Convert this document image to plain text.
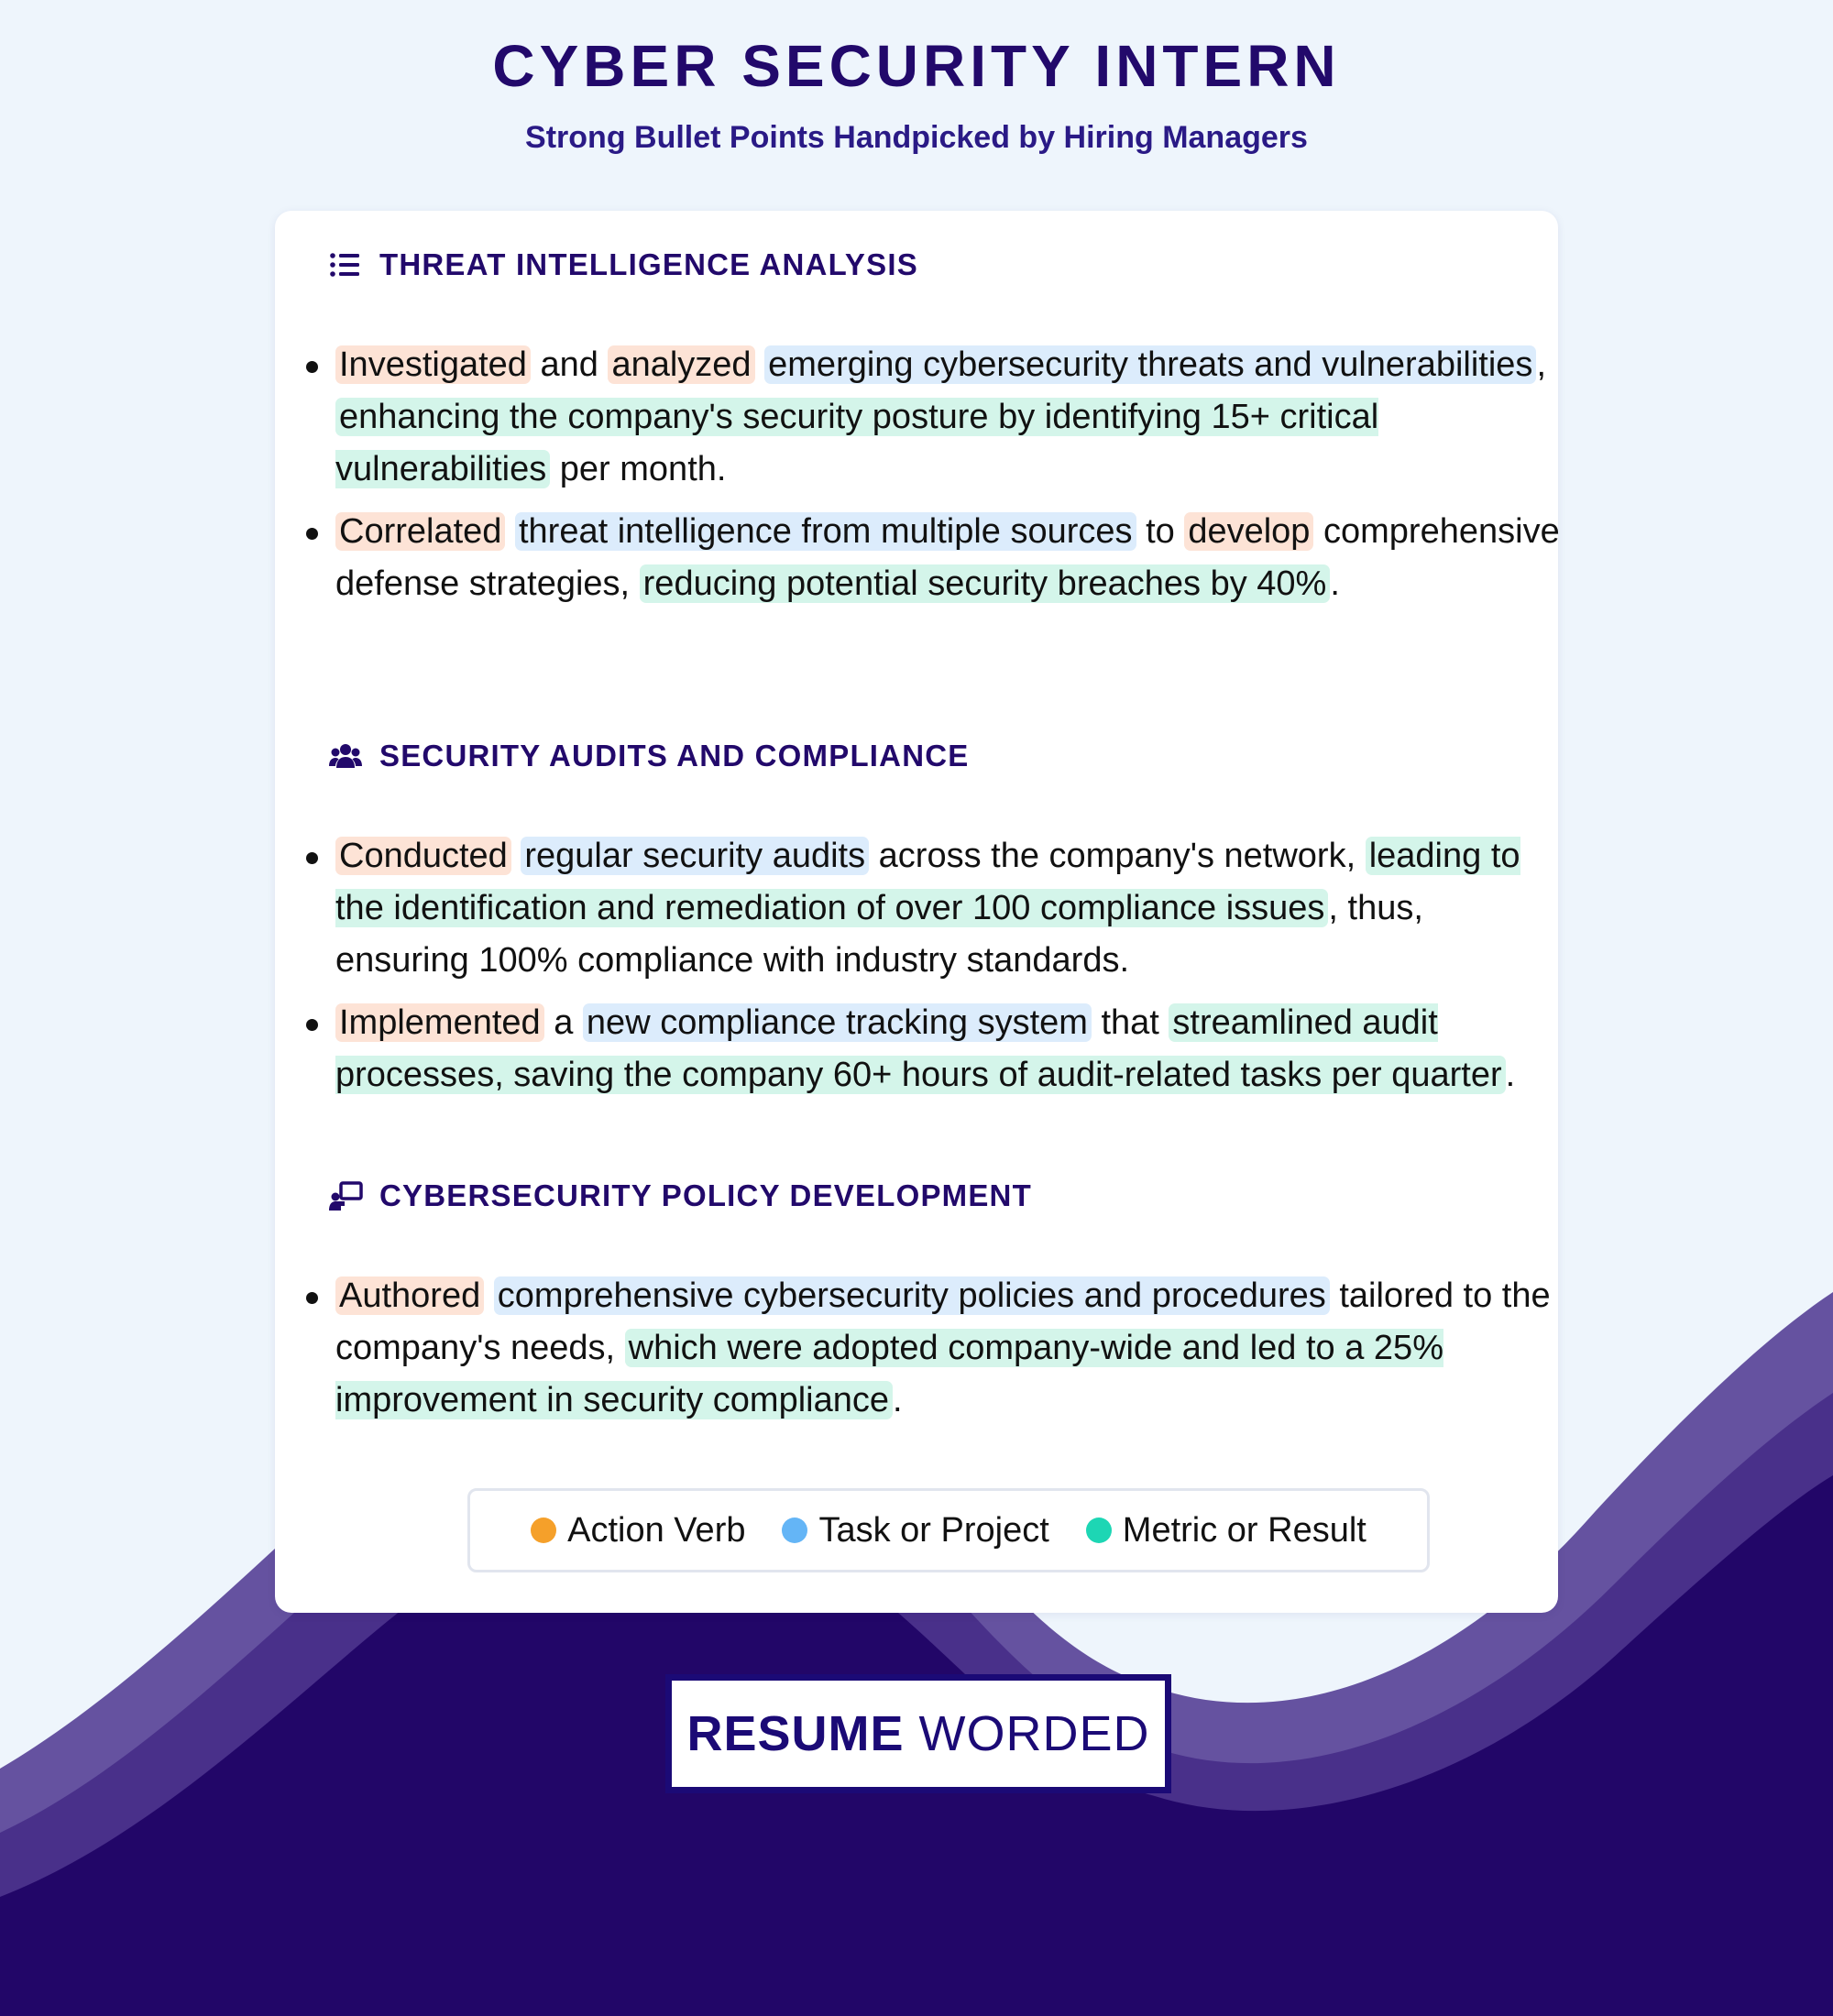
CYBER SECURITY INTERN
Strong Bullet Points Handpicked by Hiring Managers
THREAT INTELLIGENCE ANALYSIS
Investigated and analyzed emerging cybersecurity threats and vulnerabilities , enhancing the company's security posture by identifying 15+ critical vulnerabilities per month.
Correlated threat intelligence from multiple sources to develop comprehensive defense strategies, reducing potential security breaches by 40% .
SECURITY AUDITS AND COMPLIANCE
Conducted regular security audits across the company's network, leading to the identification and remediation of over 100 compliance issues , thus, ensuring 100% compliance with industry standards.
Implemented a new compliance tracking system that streamlined audit processes, saving the company 60+ hours of audit-related tasks per quarter .
CYBERSECURITY POLICY DEVELOPMENT
Authored comprehensive cybersecurity policies and procedures tailored to the company's needs, which were adopted company-wide and led to a 25% improvement in security compliance .
Action Verb Task or Project Metric or Result
RESUME WORDED
